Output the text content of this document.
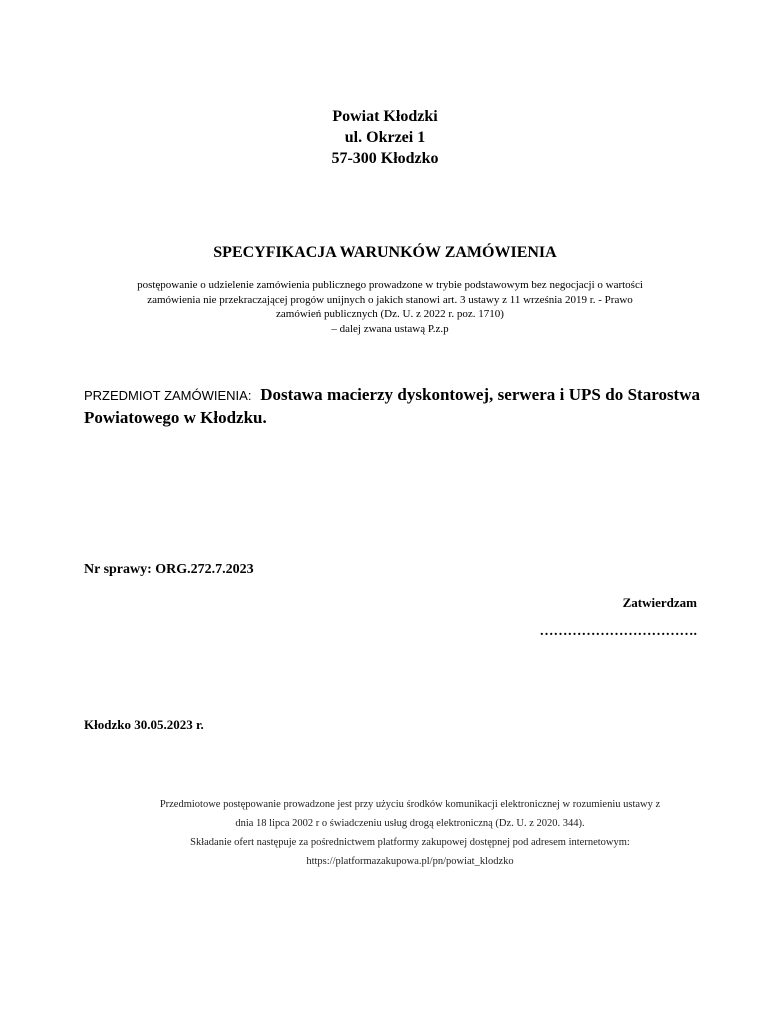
Powiat Kłodzki
ul. Okrzei 1
57-300 Kłodzko
SPECYFIKACJA WARUNKÓW ZAMÓWIENIA
postępowanie o udzielenie zamówienia publicznego prowadzone w trybie podstawowym bez negocjacji o wartości
zamówienia nie przekraczającej progów unijnych o jakich stanowi art. 3 ustawy z 11 września 2019 r. - Prawo
zamówień publicznych (Dz. U. z 2022 r. poz. 1710)
– dalej zwana ustawą P.z.p
PRZEDMIOT ZAMÓWIENIA: Dostawa macierzy dyskontowej, serwera i UPS do Starostwa Powiatowego w Kłodzku.
Nr sprawy: ORG.272.7.2023
Zatwierdzam
…………………………….
Kłodzko 30.05.2023 r.
Przedmiotowe postępowanie prowadzone jest przy użyciu środków komunikacji elektronicznej w rozumieniu ustawy z
dnia 18 lipca 2002 r o świadczeniu usług drogą elektroniczną (Dz. U. z 2020. 344).
Składanie ofert następuje za pośrednictwem platformy zakupowej dostępnej pod adresem internetowym:
https://platformazakupowa.pl/pn/powiat_klodzko
